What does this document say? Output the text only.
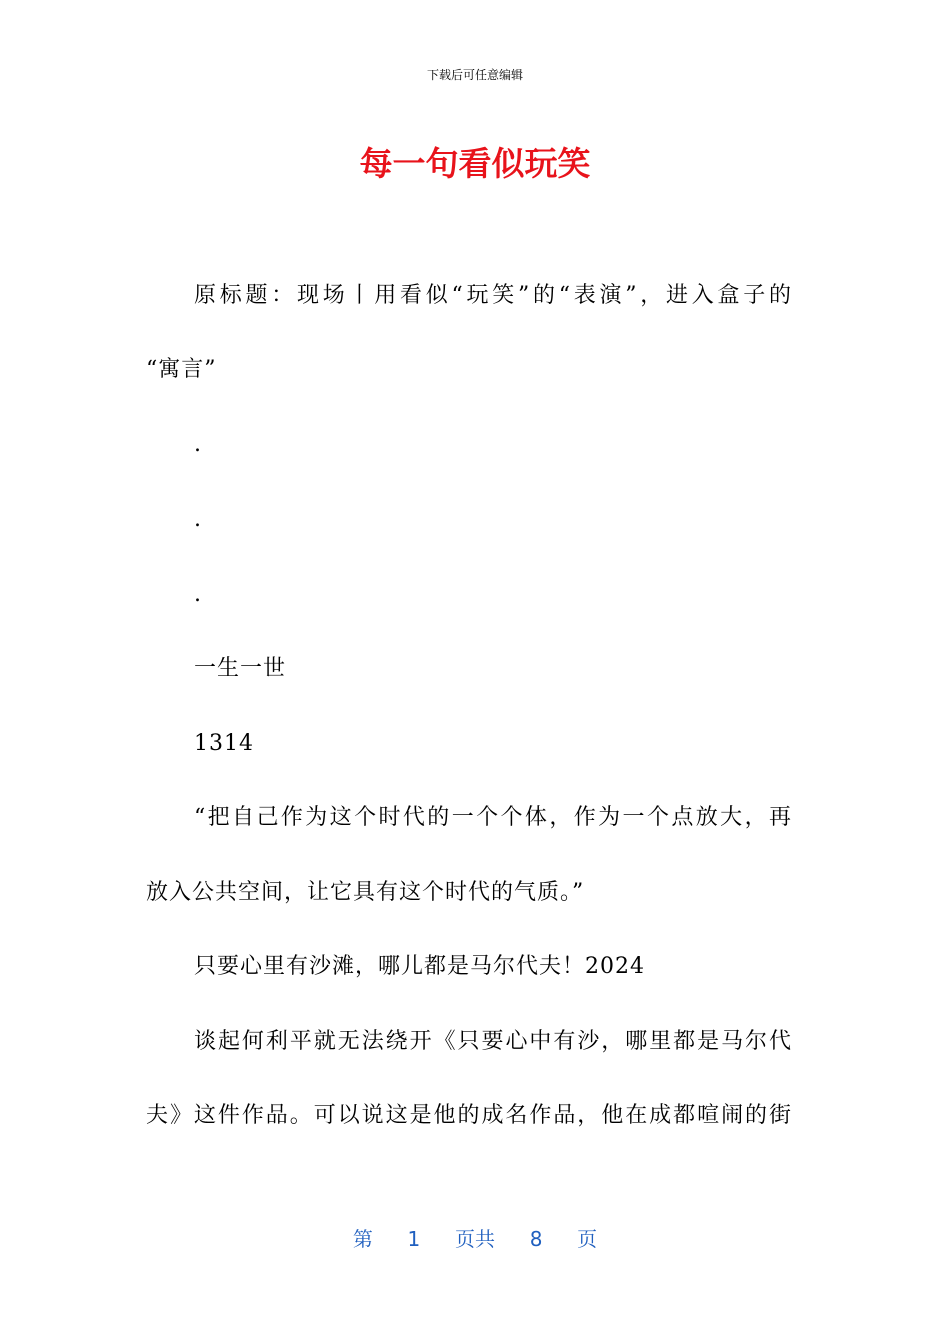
下载后可任意编辑
每一句看似玩笑
原标题：现场丨用看似“玩笑”的“表演”，进入盒子的
“寓言”
.
.
.
一生一世
1314
“把自己作为这个时代的一个个体，作为一个点放大，再
放入公共空间，让它具有这个时代的气质。”
只要心里有沙滩，哪儿都是马尔代夫！2024
谈起何利平就无法绕开《只要心中有沙，哪里都是马尔代
夫》这件作品。可以说这是他的成名作品，他在成都喧闹的街
第 1 页共 8 页
